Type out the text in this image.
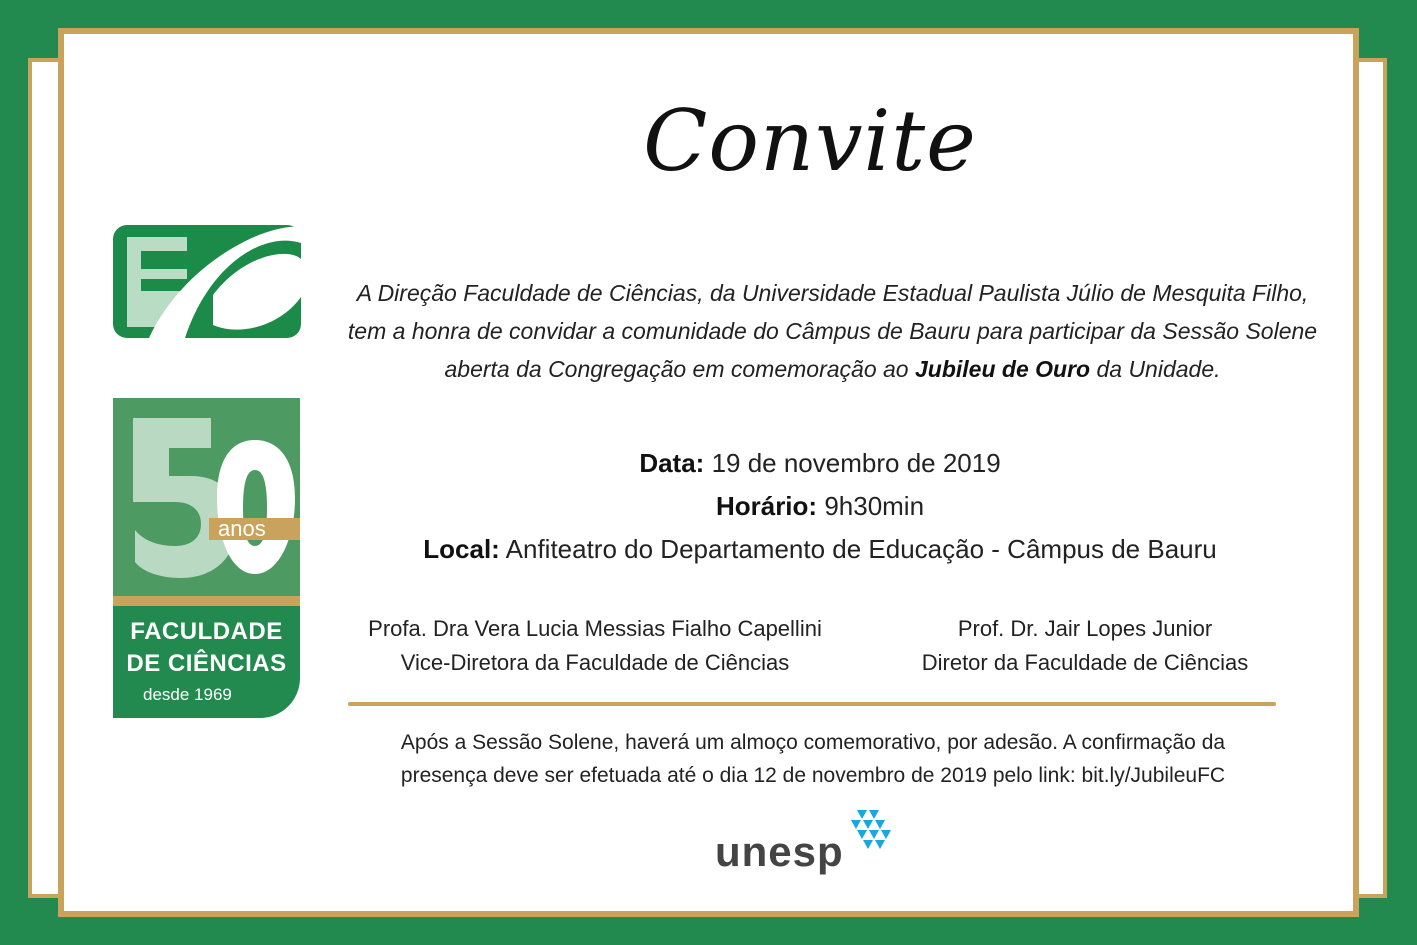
Convite
A Direção Faculdade de Ciências, da Universidade Estadual Paulista Júlio de Mesquita Filho, tem a honra de convidar a comunidade do Câmpus de Bauru para participar da Sessão Solene aberta da Congregação em comemoração ao Jubileu de Ouro da Unidade.
Data: 19 de novembro de 2019
Horário: 9h30min
Local: Anfiteatro do Departamento de Educação - Câmpus de Bauru
Profa. Dra Vera Lucia Messias Fialho Capellini
Vice-Diretora da Faculdade de Ciências
Prof. Dr. Jair Lopes Junior
Diretor da Faculdade de Ciências
Após a Sessão Solene, haverá um almoço comemorativo, por adesão. A confirmação da
presença deve ser efetuada até o dia 12 de novembro de 2019 pelo link: bit.ly/JubileuFC
unesp
anos
FACULDADE
DE CIÊNCIAS
desde 1969
